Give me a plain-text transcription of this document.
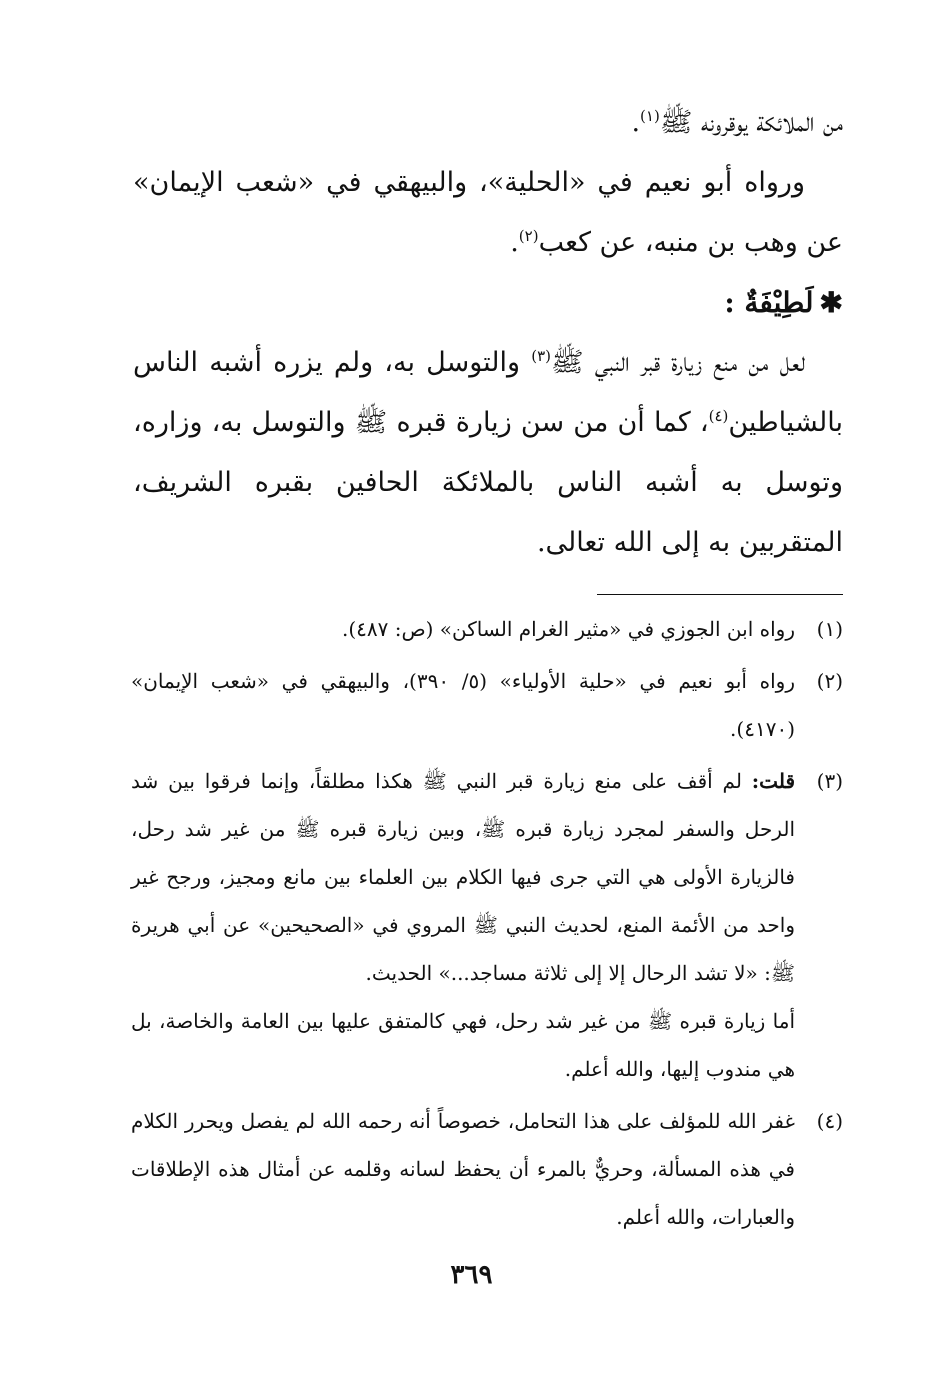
من الملائكة يوقرونه ﷺ$^{(١)}$.

ورواه أبو نعيم في «الحلية»، والبيهقي في «شعب الإيمان» عن وهب بن منبه، عن كعب$^{(٢)}$.

✱لَطِيْفَةٌ :

لعل من منع زيارة قبر النبي ﷺ$^{(٣)}$ والتوسل به، ولم يزره أشبه الناس بالشياطين$^{(٤)}$، كما أن من سن زيارة قبره ﷺ والتوسل به، وزاره، وتوسل به أشبه الناس بالملائكة الحافين بقبره الشريف، المتقربين به إلى الله تعالى.

(١)

رواه ابن الجوزي في «مثير الغرام الساكن» (ص: ٤٨٧).

(٢)

رواه أبو نعيم في «حلية الأولياء» (٥/ ٣٩٠)، والبيهقي في «شعب الإيمان» (٤١٧٠).

(٣)

قلت: لم أقف على منع زيارة قبر النبي ﷺ هكذا مطلقاً، وإنما فرقوا بين شد الرحل والسفر لمجرد زيارة قبره ﷺ، وبين زيارة قبره ﷺ من غير شد رحل، فالزيارة الأولى هي التي جرى فيها الكلام بين العلماء بين مانع ومجيز، ورجح غير واحد من الأئمة المنع، لحديث النبي ﷺ المروي في «الصحيحين» عن أبي هريرة ﷺ: «لا تشد الرحال إلا إلى ثلاثة مساجد...» الحديث.

أما زيارة قبره ﷺ من غير شد رحل، فهي كالمتفق عليها بين العامة والخاصة، بل هي مندوب إليها، والله أعلم.

(٤)

غفر الله للمؤلف على هذا التحامل، خصوصاً أنه رحمه الله لم يفصل ويحرر الكلام في هذه المسألة، وحريٌّ بالمرء أن يحفظ لسانه وقلمه عن أمثال هذه الإطلاقات والعبارات، والله أعلم.

٣٦٩
